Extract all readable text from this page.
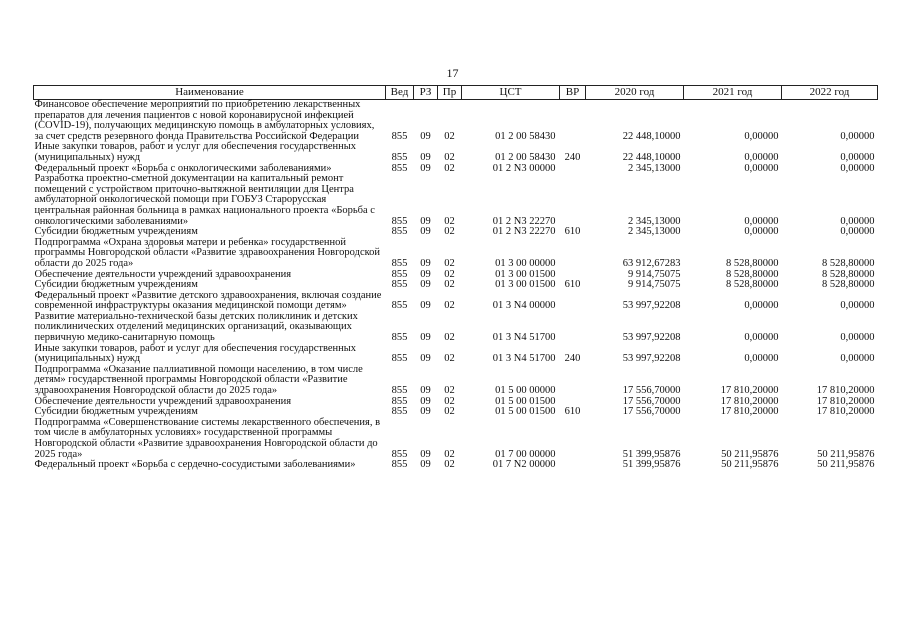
17
Наименование	Вед	РЗ	Пр	ЦСТ	ВР	2020 год	2021 год	2022 год
Финансовое обеспечение мероприятий по приобретению лекарственных препаратов для лечения пациентов с новой коронавирусной инфекцией (COVID-19), получающих медицинскую помощь в амбулаторных условиях, за счет средств резервного фонда Правительства Российской Федерации	855	09	02	01 2 00 58430		22 448,10000	0,00000	0,00000
Иные закупки товаров, работ и услуг для обеспечения государственных (муниципальных) нужд	855	09	02	01 2 00 58430	240	22 448,10000	0,00000	0,00000
Федеральный проект «Борьба с онкологическими заболеваниями»	855	09	02	01 2 N3 00000		2 345,13000	0,00000	0,00000
Разработка проектно-сметной документации на капитальный ремонт помещений с устройством приточно-вытяжной вентиляции для Центра амбулаторной онкологической помощи при ГОБУЗ Старорусская центральная районная больница в рамках национального проекта «Борьба с онкологическими заболеваниями»	855	09	02	01 2 N3 22270		2 345,13000	0,00000	0,00000
Субсидии бюджетным учреждениям	855	09	02	01 2 N3 22270	610	2 345,13000	0,00000	0,00000
Подпрограмма «Охрана здоровья матери и ребенка» государственной программы Новгородской области «Развитие здравоохранения Новгородской области до 2025 года»	855	09	02	01 3 00 00000		63 912,67283	8 528,80000	8 528,80000
Обеспечение деятельности учреждений здравоохранения	855	09	02	01 3 00 01500		9 914,75075	8 528,80000	8 528,80000
Субсидии бюджетным учреждениям	855	09	02	01 3 00 01500	610	9 914,75075	8 528,80000	8 528,80000
Федеральный проект «Развитие детского здравоохранения, включая создание современной инфраструктуры оказания медицинской помощи детям»	855	09	02	01 3 N4 00000		53 997,92208	0,00000	0,00000
Развитие материально-технической базы детских поликлиник и детских поликлинических отделений медицинских организаций, оказывающих первичную медико-санитарную помощь	855	09	02	01 3 N4 51700		53 997,92208	0,00000	0,00000
Иные закупки товаров, работ и услуг для обеспечения государственных (муниципальных) нужд	855	09	02	01 3 N4 51700	240	53 997,92208	0,00000	0,00000
Подпрограмма «Оказание паллиативной помощи населению, в том числе детям» государственной программы Новгородской области «Развитие здравоохранения Новгородской области до 2025 года»	855	09	02	01 5 00 00000		17 556,70000	17 810,20000	17 810,20000
Обеспечение деятельности учреждений здравоохранения	855	09	02	01 5 00 01500		17 556,70000	17 810,20000	17 810,20000
Субсидии бюджетным учреждениям	855	09	02	01 5 00 01500	610	17 556,70000	17 810,20000	17 810,20000
Подпрограмма «Совершенствование системы лекарственного обеспечения, в том числе в амбулаторных условиях» государственной программы Новгородской области «Развитие здравоохранения Новгородской области до 2025 года»	855	09	02	01 7 00 00000		51 399,95876	50 211,95876	50 211,95876
Федеральный проект «Борьба с сердечно-сосудистыми заболеваниями»	855	09	02	01 7 N2 00000		51 399,95876	50 211,95876	50 211,95876
